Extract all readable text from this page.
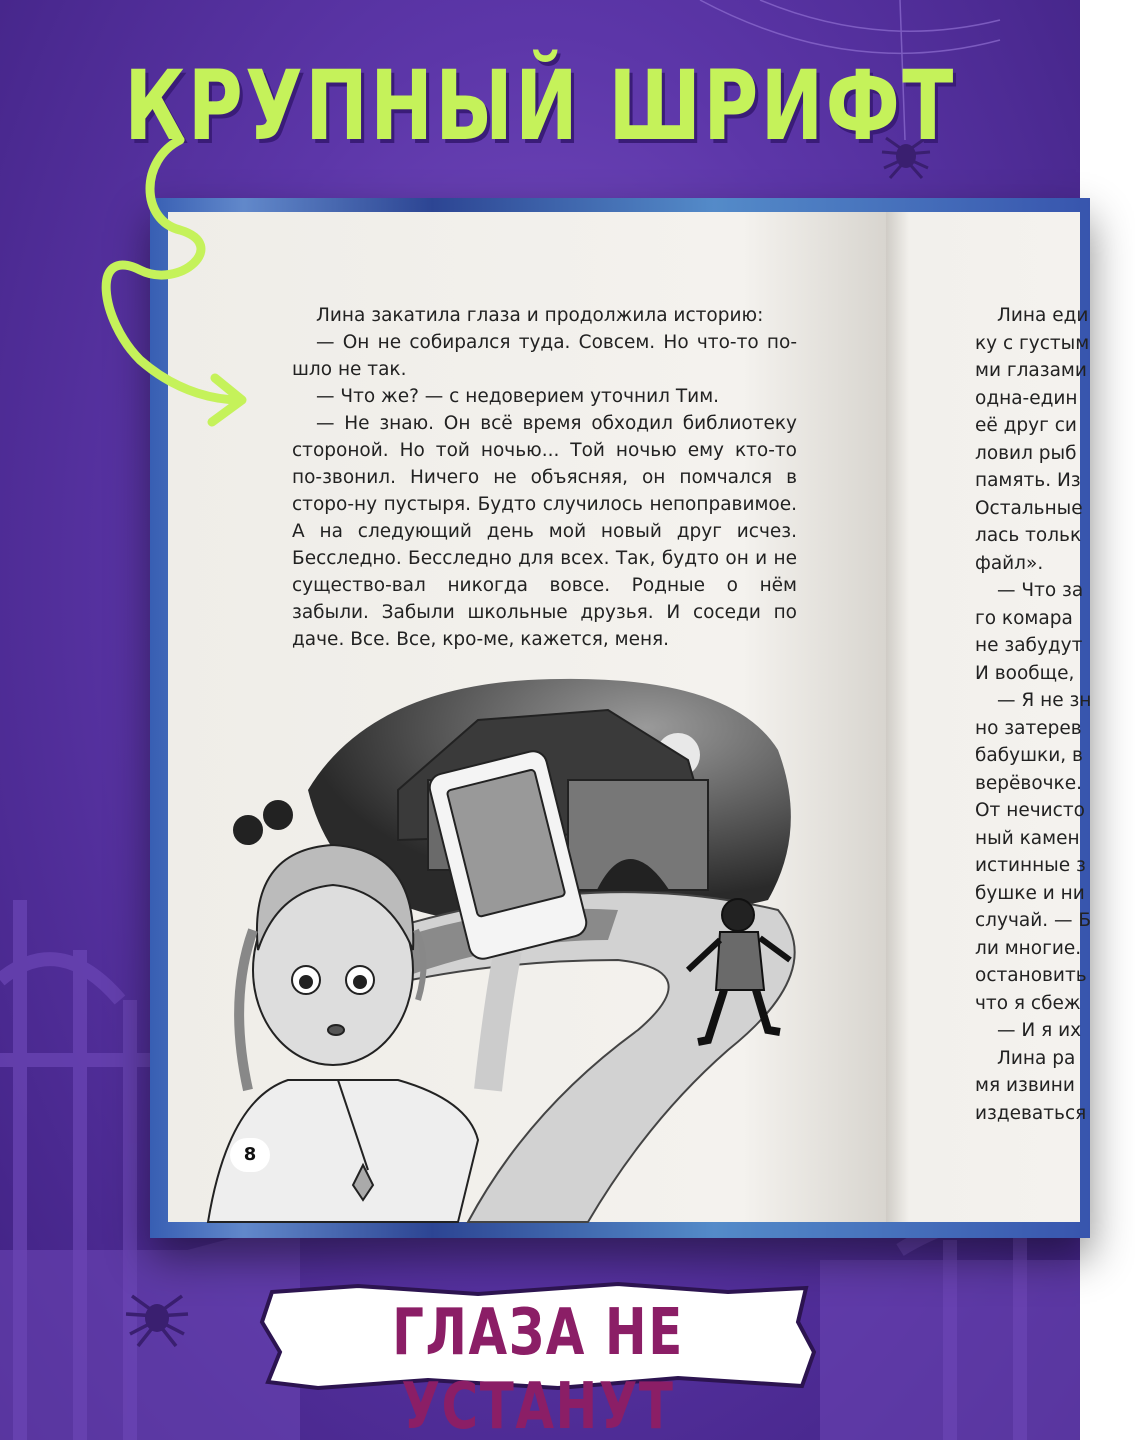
КРУПНЫЙ ШРИФТ

Лина закатила глаза и продолжила историю:

— Он не собирался туда. Совсем. Но что-то по-шло не так.

— Что же? — с недоверием уточнил Тим.

— Не знаю. Он всё время обходил библиотеку стороной. Но той ночью... Той ночью ему кто-то по-звонил. Ничего не объясняя, он помчался в сторо-ну пустыря. Будто случилось непоправимое. А на следующий день мой новый друг исчез. Бесследно. Бесследно для всех. Так, будто он и не существо-вал никогда вовсе. Родные о нём забыли. Забыли школьные друзья. И соседи по даче. Все. Все, кро-ме, кажется, меня.

Лина еди

ку с густым

ми глазами

одна-един

её друг си

ловил рыб

память. Из

Остальные

лась тольк

файл».

— Что за

го комара

не забудут

И вообще,

— Я не зн

но затерев

бабушки, в

верёвочке.

От нечисто

ный камен

истинные з

бушке и ни

случай. — Б

ли многие.

остановить

что я сбеж

— И я их

Лина ра

мя извини

издеваться

8
ГЛАЗА НЕ УСТАНУТ
